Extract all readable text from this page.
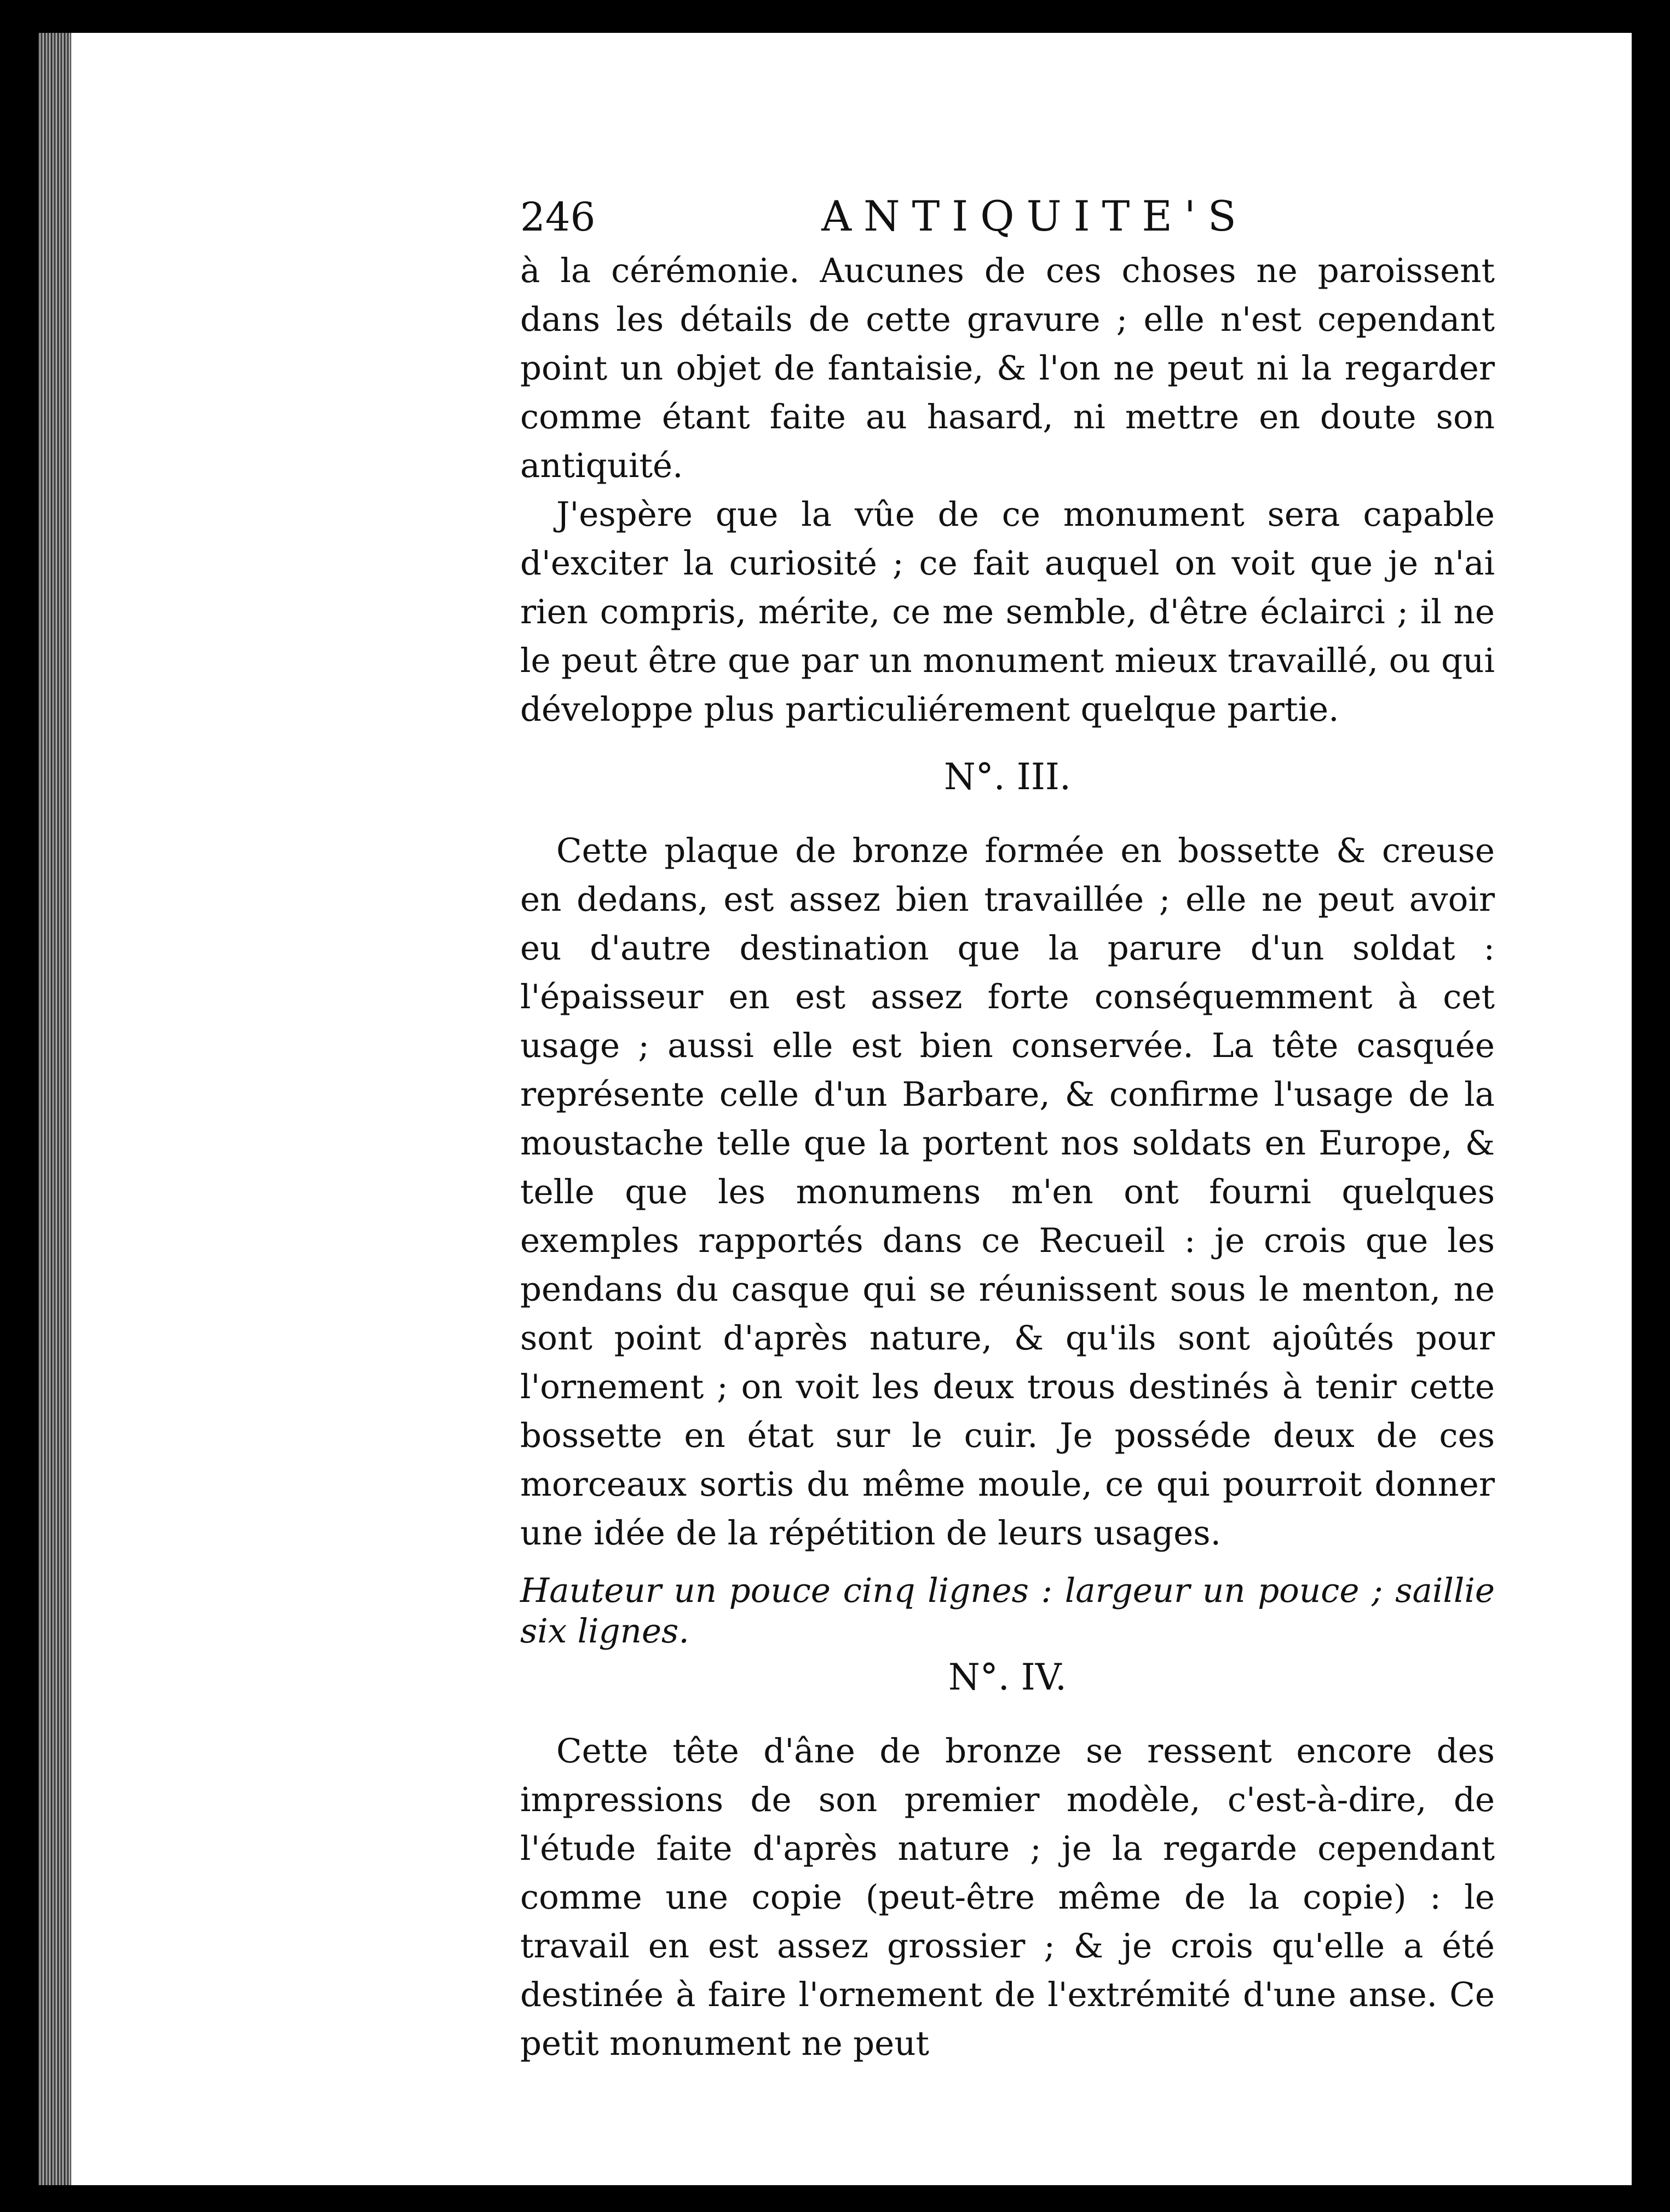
246	ANTIQUITE'S

à la cérémonie. Aucunes de ces choses ne paroissent dans les détails de cette gravure ; elle n'est cependant point un objet de fantaisie, & l'on ne peut ni la regarder comme étant faite au hasard, ni mettre en doute son antiquité.

J'espère que la vûe de ce monument sera capable d'exciter la curiosité ; ce fait auquel on voit que je n'ai rien compris, mérite, ce me semble, d'être éclairci ; il ne le peut être que par un monument mieux travaillé, ou qui développe plus particuliérement quelque partie.

N°. III.

Cette plaque de bronze formée en bossette & creuse en dedans, est assez bien travaillée ; elle ne peut avoir eu d'autre destination que la parure d'un soldat : l'épaisseur en est assez forte conséquemment à cet usage ; aussi elle est bien conservée. La tête casquée représente celle d'un Barbare, & confirme l'usage de la moustache telle que la portent nos soldats en Europe, & telle que les monumens m'en ont fourni quelques exemples rapportés dans ce Recueil : je crois que les pendans du casque qui se réunissent sous le menton, ne sont point d'après nature, & qu'ils sont ajoûtés pour l'ornement ; on voit les deux trous destinés à tenir cette bossette en état sur le cuir. Je posséde deux de ces morceaux sortis du même moule, ce qui pourroit donner une idée de la répétition de leurs usages.

Hauteur un pouce cinq lignes : largeur un pouce ; saillie six lignes.

N°. IV.

Cette tête d'âne de bronze se ressent encore des impressions de son premier modèle, c'est-à-dire, de l'étude faite d'après nature ; je la regarde cependant comme une copie (peut-être même de la copie) : le travail en est assez grossier ; & je crois qu'elle a été destinée à faire l'ornement de l'extrémité d'une anse. Ce petit monument ne peut
